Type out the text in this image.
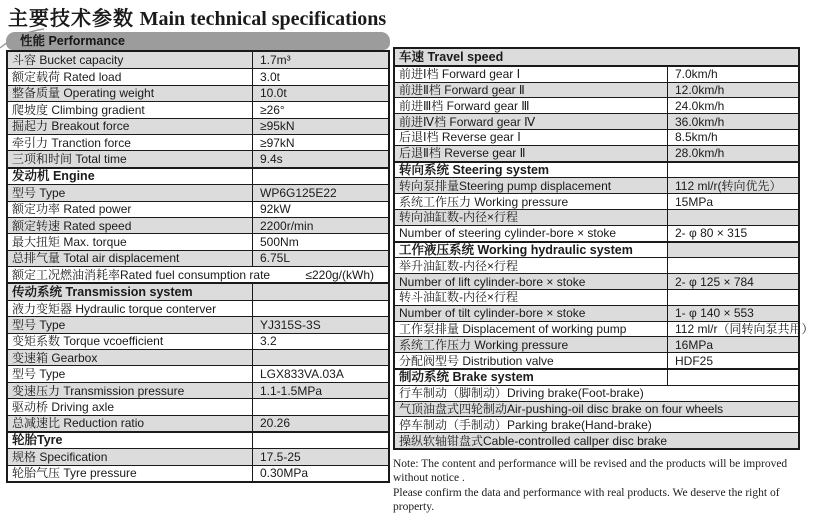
主要技术参数 Main technical specifications
性能 Performance
斗容 Bucket capacity	1.7m³
额定载荷 Rated load	3.0t
整备质量 Operating weight	10.0t
爬坡度 Climbing gradient	≥26°
掘起力 Breakout force	≥95kN
牵引力 Tranction force	≥97kN
三项和时间 Total time	9.4s
发动机 Engine
型号 Type	WP6G125E22
额定功率 Rated power	92kW
额定转速 Rated speed	2200r/min
最大扭矩 Max. torque	500Nm
总排气量 Total air displacement	6.75L
额定工况燃油消耗率Rated fuel consumption rate	≤220g/(kWh)
传动系统 Transmission system
液力变矩器 Hydraulic torque conterver
型号 Type	YJ315S-3S
变矩系数 Torque vcoefficient	3.2
变速箱 Gearbox
型号 Type	LGX833VA.03A
变速压力 Transmission pressure	1.1-1.5MPa
驱动桥 Driving axle
总减速比 Reduction ratio	20.26
轮胎Tyre
规格 Specification	17.5-25
轮胎气压 Tyre pressure	0.30MPa
车速 Travel speed
前进Ⅰ档 Forward gear Ⅰ	7.0km/h
前进Ⅱ档 Forward gear Ⅱ	12.0km/h
前进Ⅲ档 Forward gear Ⅲ	24.0km/h
前进Ⅳ档 Forward gear Ⅳ	36.0km/h
后退Ⅰ档 Reverse gear Ⅰ	8.5km/h
后退Ⅱ档 Reverse gear Ⅱ	28.0km/h
转向系统 Steering system
转向泵排量Steering pump displacement	112 ml/r(转向优先）
系统工作压力 Working pressure	15MPa
转向油缸数-内径×行程
Number of steering cylinder-bore × stoke	2- φ 80 × 315
工作液压系统 Working hydraulic system
举升油缸数-内径×行程
Number of lift cylinder-bore × stoke	2- φ 125 × 784
转斗油缸数-内径×行程
Number of tilt cylinder-bore × stoke	1- φ 140 × 553
工作泵排量 Displacement of working pump	112 ml/r（同转向泵共用）
系统工作压力 Working pressure	16MPa
分配阀型号 Distribution valve	HDF25
制动系统 Brake system
行车制动（脚制动）Driving brake(Foot-brake)
气顶油盘式四轮制动Air-pushing-oil disc brake on four wheels
停车制动（手制动）Parking brake(Hand-brake)
操纵软轴钳盘式Cable-controlled callper disc brake
Note: The content and performance will be revised and the products will be improved without notice .
Please confirm the data and performance with real products. We deserve the right of property.
